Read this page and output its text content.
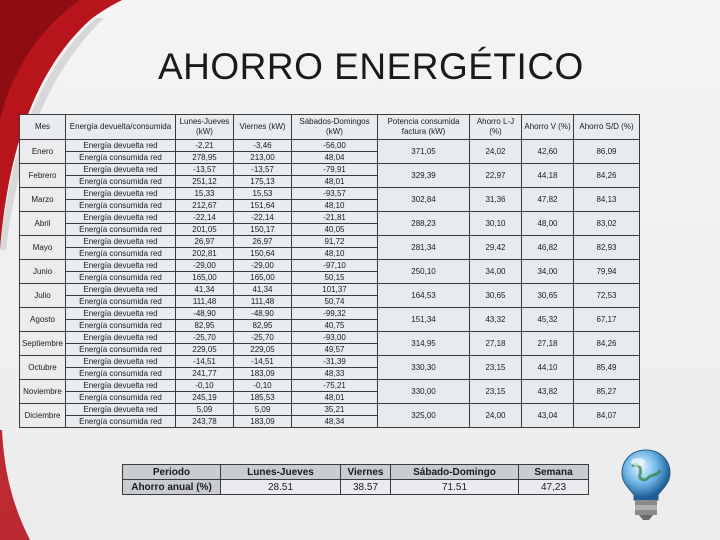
AHORRO ENERGÉTICO
Mes	Energía devuelta/consumida	Lunes-Jueves (kW)	Viernes (kW)	Sábados-Domingos (kW)	Potencia consumida factura (kW)	Ahorro L-J (%)	Ahorro V (%)	Ahorro S/D (%)
Enero	Energía devuelta red	-2,21	-3,46	-56,00	371,05	24,02	42,60	86,09
	Energía consumida red	278,95	213,00	48,04				
Febrero	Energía devuelta red	-13,57	-13,57	-79,91	329,39	22,97	44,18	84,26
	Energía consumida red	251,12	175,13	48,01				
Marzo	Energía devuelta red	15,33	15,53	-93,57	302,84	31,36	47,82	84,13
	Energía consumida red	212,67	151,64	48,10				
Abril	Energía devuelta red	-22,14	-22,14	-21,81	288,23	30,10	48,00	83,02
	Energía consumida red	201,05	150,17	40,05				
Mayo	Energía devuelta red	26,97	26,97	91,72	281,34	29,42	46,82	82,93
	Energía consumida red	202,81	150,64	48,10				
Junio	Energía devuelta red	-29,00	-29,00	-97,10	250,10	34,00	34,00	79,94
	Energía consumida red	165,00	165,00	50,15				
Julio	Energía devuelta red	41,34	41,34	101,37	164,53	30,65	30,65	72,53
	Energía consumida red	111,48	111,48	50,74				
Agosto	Energía devuelta red	-48,90	-48,90	-99,32	151,34	43,32	45,32	67,17
	Energía consumida red	82,95	82,95	40,75				
Septiembre	Energía devuelta red	-25,70	-25,70	-93,00	314,95	27,18	27,18	84,26
	Energía consumida red	229,05	229,05	49,57				
Octubre	Energía devuelta red	-14,51	-14,51	-31,39	330,30	23,15	44,10	85,49
	Energía consumida red	241,77	183,09	48,33				
Noviembre	Energía devuelta red	-0,10	-0,10	-75,21	330,00	23,15	43,82	85,27
	Energía consumida red	245,19	185,53	48,01				
Diciembre	Energía devuelta red	5,09	5,09	35,21	325,00	24,00	43,04	84,07
	Energía consumida red	243,78	183,09	48,34				
Periodo	Lunes-Jueves	Viernes	Sábado-Domingo	Semana
Ahorro anual (%)	28.51	38.57	71.51	47,23
